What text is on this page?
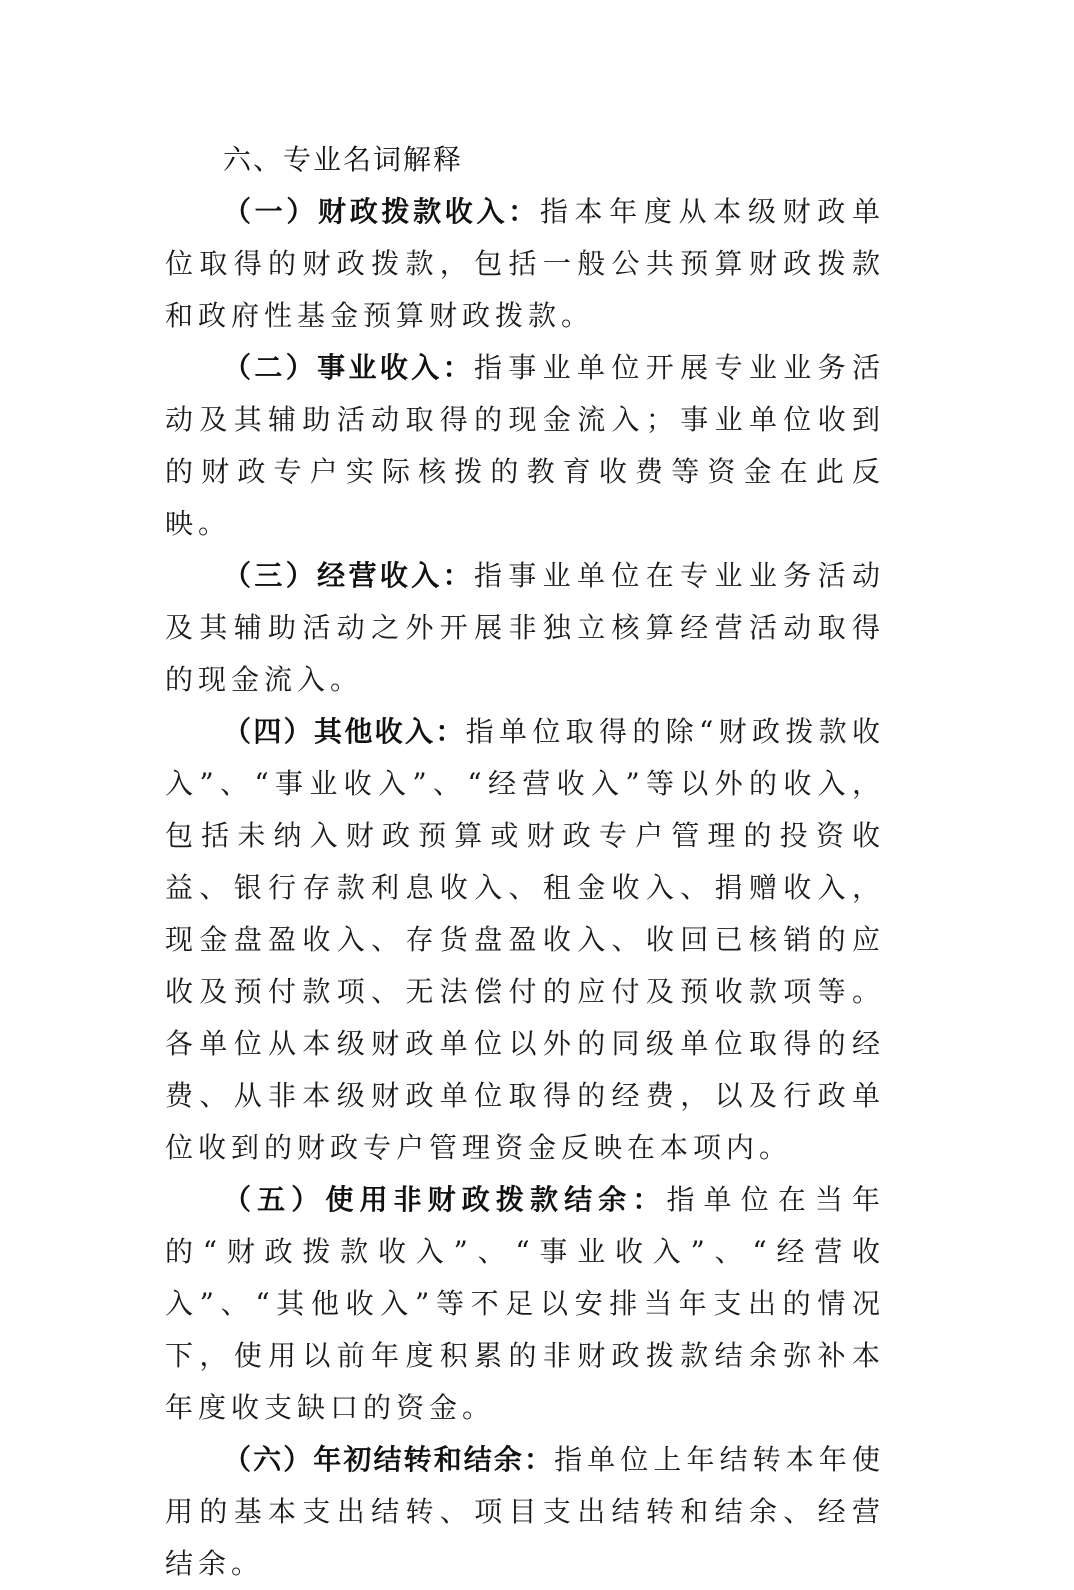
六、专业名词解释

（一）财政拨款收入：指本年度从本级财政单位取得的财政拨款，包括一般公共预算财政拨款和政府性基金预算财政拨款。

（二）事业收入：指事业单位开展专业业务活动及其辅助活动取得的现金流入；事业单位收到的财政专户实际核拨的教育收费等资金在此反映。

（三）经营收入：指事业单位在专业业务活动及其辅助活动之外开展非独立核算经营活动取得的现金流入。

（四）其他收入：指单位取得的除“财政拨款收入”、“事业收入”、“经营收入”等以外的收入，包括未纳入财政预算或财政专户管理的投资收益、银行存款利息收入、租金收入、捐赠收入，现金盘盈收入、存货盘盈收入、收回已核销的应收及预付款项、无法偿付的应付及预收款项等。各单位从本级财政单位以外的同级单位取得的经费、从非本级财政单位取得的经费，以及行政单位收到的财政专户管理资金反映在本项内。

（五）使用非财政拨款结余：指单位在当年的“财政拨款收入”、“事业收入”、“经营收入”、“其他收入”等不足以安排当年支出的情况下，使用以前年度积累的非财政拨款结余弥补本年度收支缺口的资金。

（六）年初结转和结余：指单位上年结转本年使用的基本支出结转、项目支出结转和结余、经营结余。
